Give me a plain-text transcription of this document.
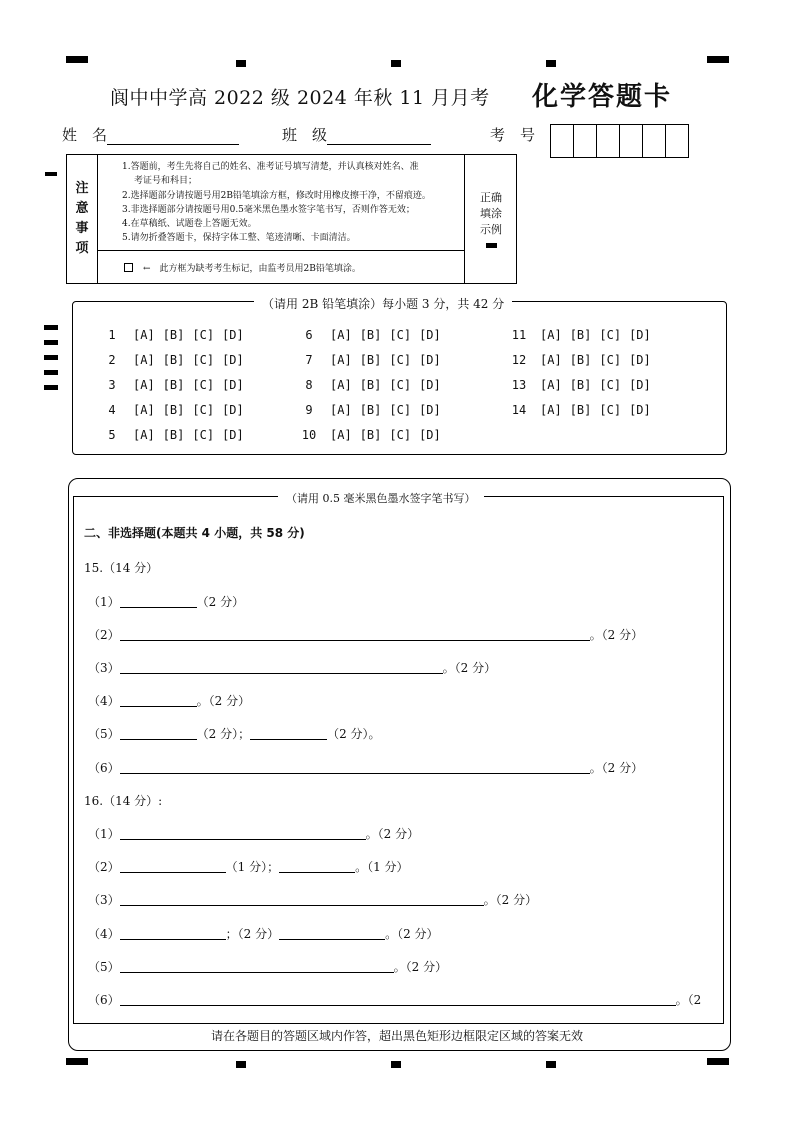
阆中中学高 2022 级 2024 年秋 11 月月考 化学答题卡
姓　名	班　级	考　号
注
意
事
项
1.答题前，考生先将自己的姓名、准考证号填写清楚，并认真核对姓名、准
考证号和科目；
2.选择题部分请按题号用2B铅笔填涂方框，修改时用橡皮擦干净，不留痕迹。
3.非选择题部分请按题号用0.5毫米黑色墨水签字笔书写，否则作答无效；
4.在草稿纸、试题卷上答题无效。
5.请勿折叠答题卡，保持字体工整、笔迹清晰、卡面清洁。
←　此方框为缺考考生标记，由监考员用2B铅笔填涂。
正确
填涂
示例
（请用 2B 铅笔填涂）每小题 3 分，共 42 分
1 [A] [B] [C] [D]
2 [A] [B] [C] [D]
3 [A] [B] [C] [D]
4 [A] [B] [C] [D]
5 [A] [B] [C] [D]
6 [A] [B] [C] [D]
7 [A] [B] [C] [D]
8 [A] [B] [C] [D]
9 [A] [B] [C] [D]
10 [A] [B] [C] [D]
11 [A] [B] [C] [D]
12 [A] [B] [C] [D]
13 [A] [B] [C] [D]
14 [A] [B] [C] [D]
（请用 0.5 毫米黑色墨水签字笔书写）
二、非选择题(本题共 4 小题，共 58 分)
15.（14 分）
（1）	（2 分）
（2）	。（2 分）
（3）	。（2 分）
（4）	。（2 分）
（5）	（2 分）；	（2 分）。
（6）	。（2 分）
16.（14 分）:
（1）	。（2 分）
（2）	（1 分）；	。（1 分）
（3）	。（2 分）
（4）	；（2 分）	。（2 分）
（5）	。（2 分）
（6）	。（2
请在各题目的答题区域内作答，超出黑色矩形边框限定区域的答案无效
